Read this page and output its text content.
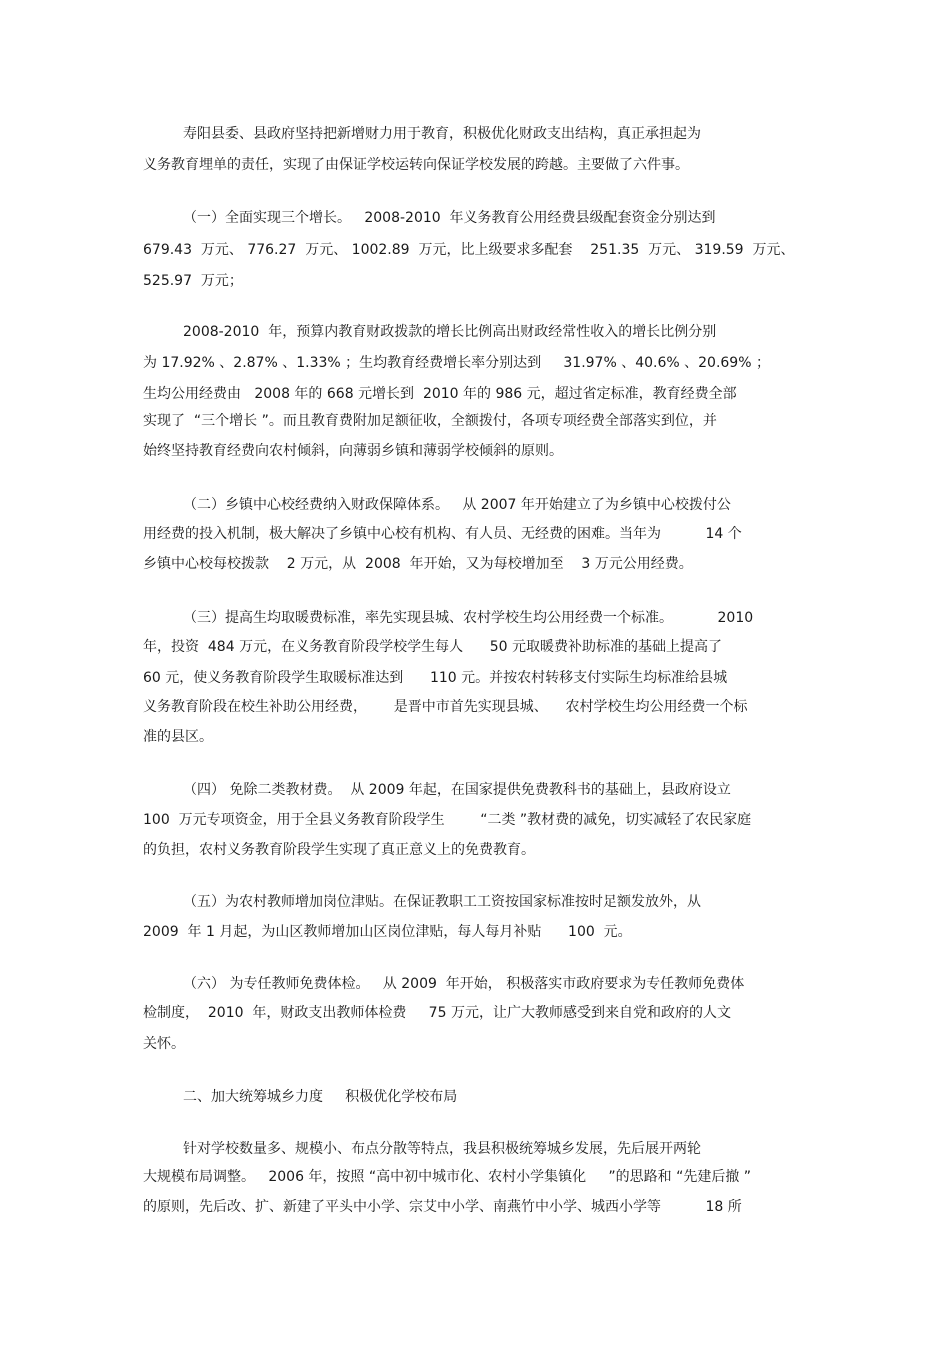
寿阳县委、县政府坚持把新增财力用于教育，积极优化财政支出结构，真正承担起为
义务教育埋单的责任，实现了由保证学校运转向保证学校发展的跨越。主要做了六件事。
（一）全面实现三个增长。   2008-2010  年义务教育公用经费县级配套资金分别达到
679.43  万元、 776.27  万元、 1002.89  万元，比上级要求多配套    251.35  万元、 319.59  万元、
525.97  万元；
2008-2010  年，预算内教育财政拨款的增长比例高出财政经常性收入的增长比例分别
为 17.92% 、2.87% 、1.33% ；生均教育经费增长率分别达到     31.97% 、40.6% 、20.69% ；
生均公用经费由   2008 年的 668 元增长到  2010 年的 986 元，超过省定标准，教育经费全部
实现了  “三个增长 ”。而且教育费附加足额征收，全额拨付，各项专项经费全部落实到位，并
始终坚持教育经费向农村倾斜，向薄弱乡镇和薄弱学校倾斜的原则。
（二）乡镇中心校经费纳入财政保障体系。   从 2007 年开始建立了为乡镇中心校拨付公
用经费的投入机制，极大解决了乡镇中心校有机构、有人员、无经费的困难。当年为          14 个
乡镇中心校每校拨款    2 万元，从  2008  年开始，又为每校增加至    3 万元公用经费。
（三）提高生均取暖费标准，率先实现县城、农村学校生均公用经费一个标准。          2010
年，投资  484 万元，在义务教育阶段学校学生每人      50 元取暖费补助标准的基础上提高了
60 元，使义务教育阶段学生取暖标准达到      110 元。并按农村转移支付实际生均标准给县城
义务教育阶段在校生补助公用经费，      是晋中市首先实现县城、    农村学校生均公用经费一个标
准的县区。
（四） 免除二类教材费。  从 2009 年起，在国家提供免费教科书的基础上，县政府设立
100  万元专项资金，用于全县义务教育阶段学生        “二类 ”教材费的减免，切实减轻了农民家庭
的负担，农村义务教育阶段学生实现了真正意义上的免费教育。
（五）为农村教师增加岗位津贴。在保证教职工工资按国家标准按时足额发放外，从
2009  年 1 月起，为山区教师增加山区岗位津贴，每人每月补贴      100  元。
（六） 为专任教师免费体检。   从 2009  年开始， 积极落实市政府要求为专任教师免费体
检制度，  2010  年，财政支出教师体检费     75 万元，让广大教师感受到来自党和政府的人文
关怀。
二、加大统筹城乡力度     积极优化学校布局
针对学校数量多、规模小、布点分散等特点，我县积极统筹城乡发展，先后展开两轮
大规模布局调整。   2006 年，按照 “高中初中城市化、农村小学集镇化     ”的思路和 “先建后撤 ”
的原则，先后改、扩、新建了平头中小学、宗艾中小学、南燕竹中小学、城西小学等          18 所
